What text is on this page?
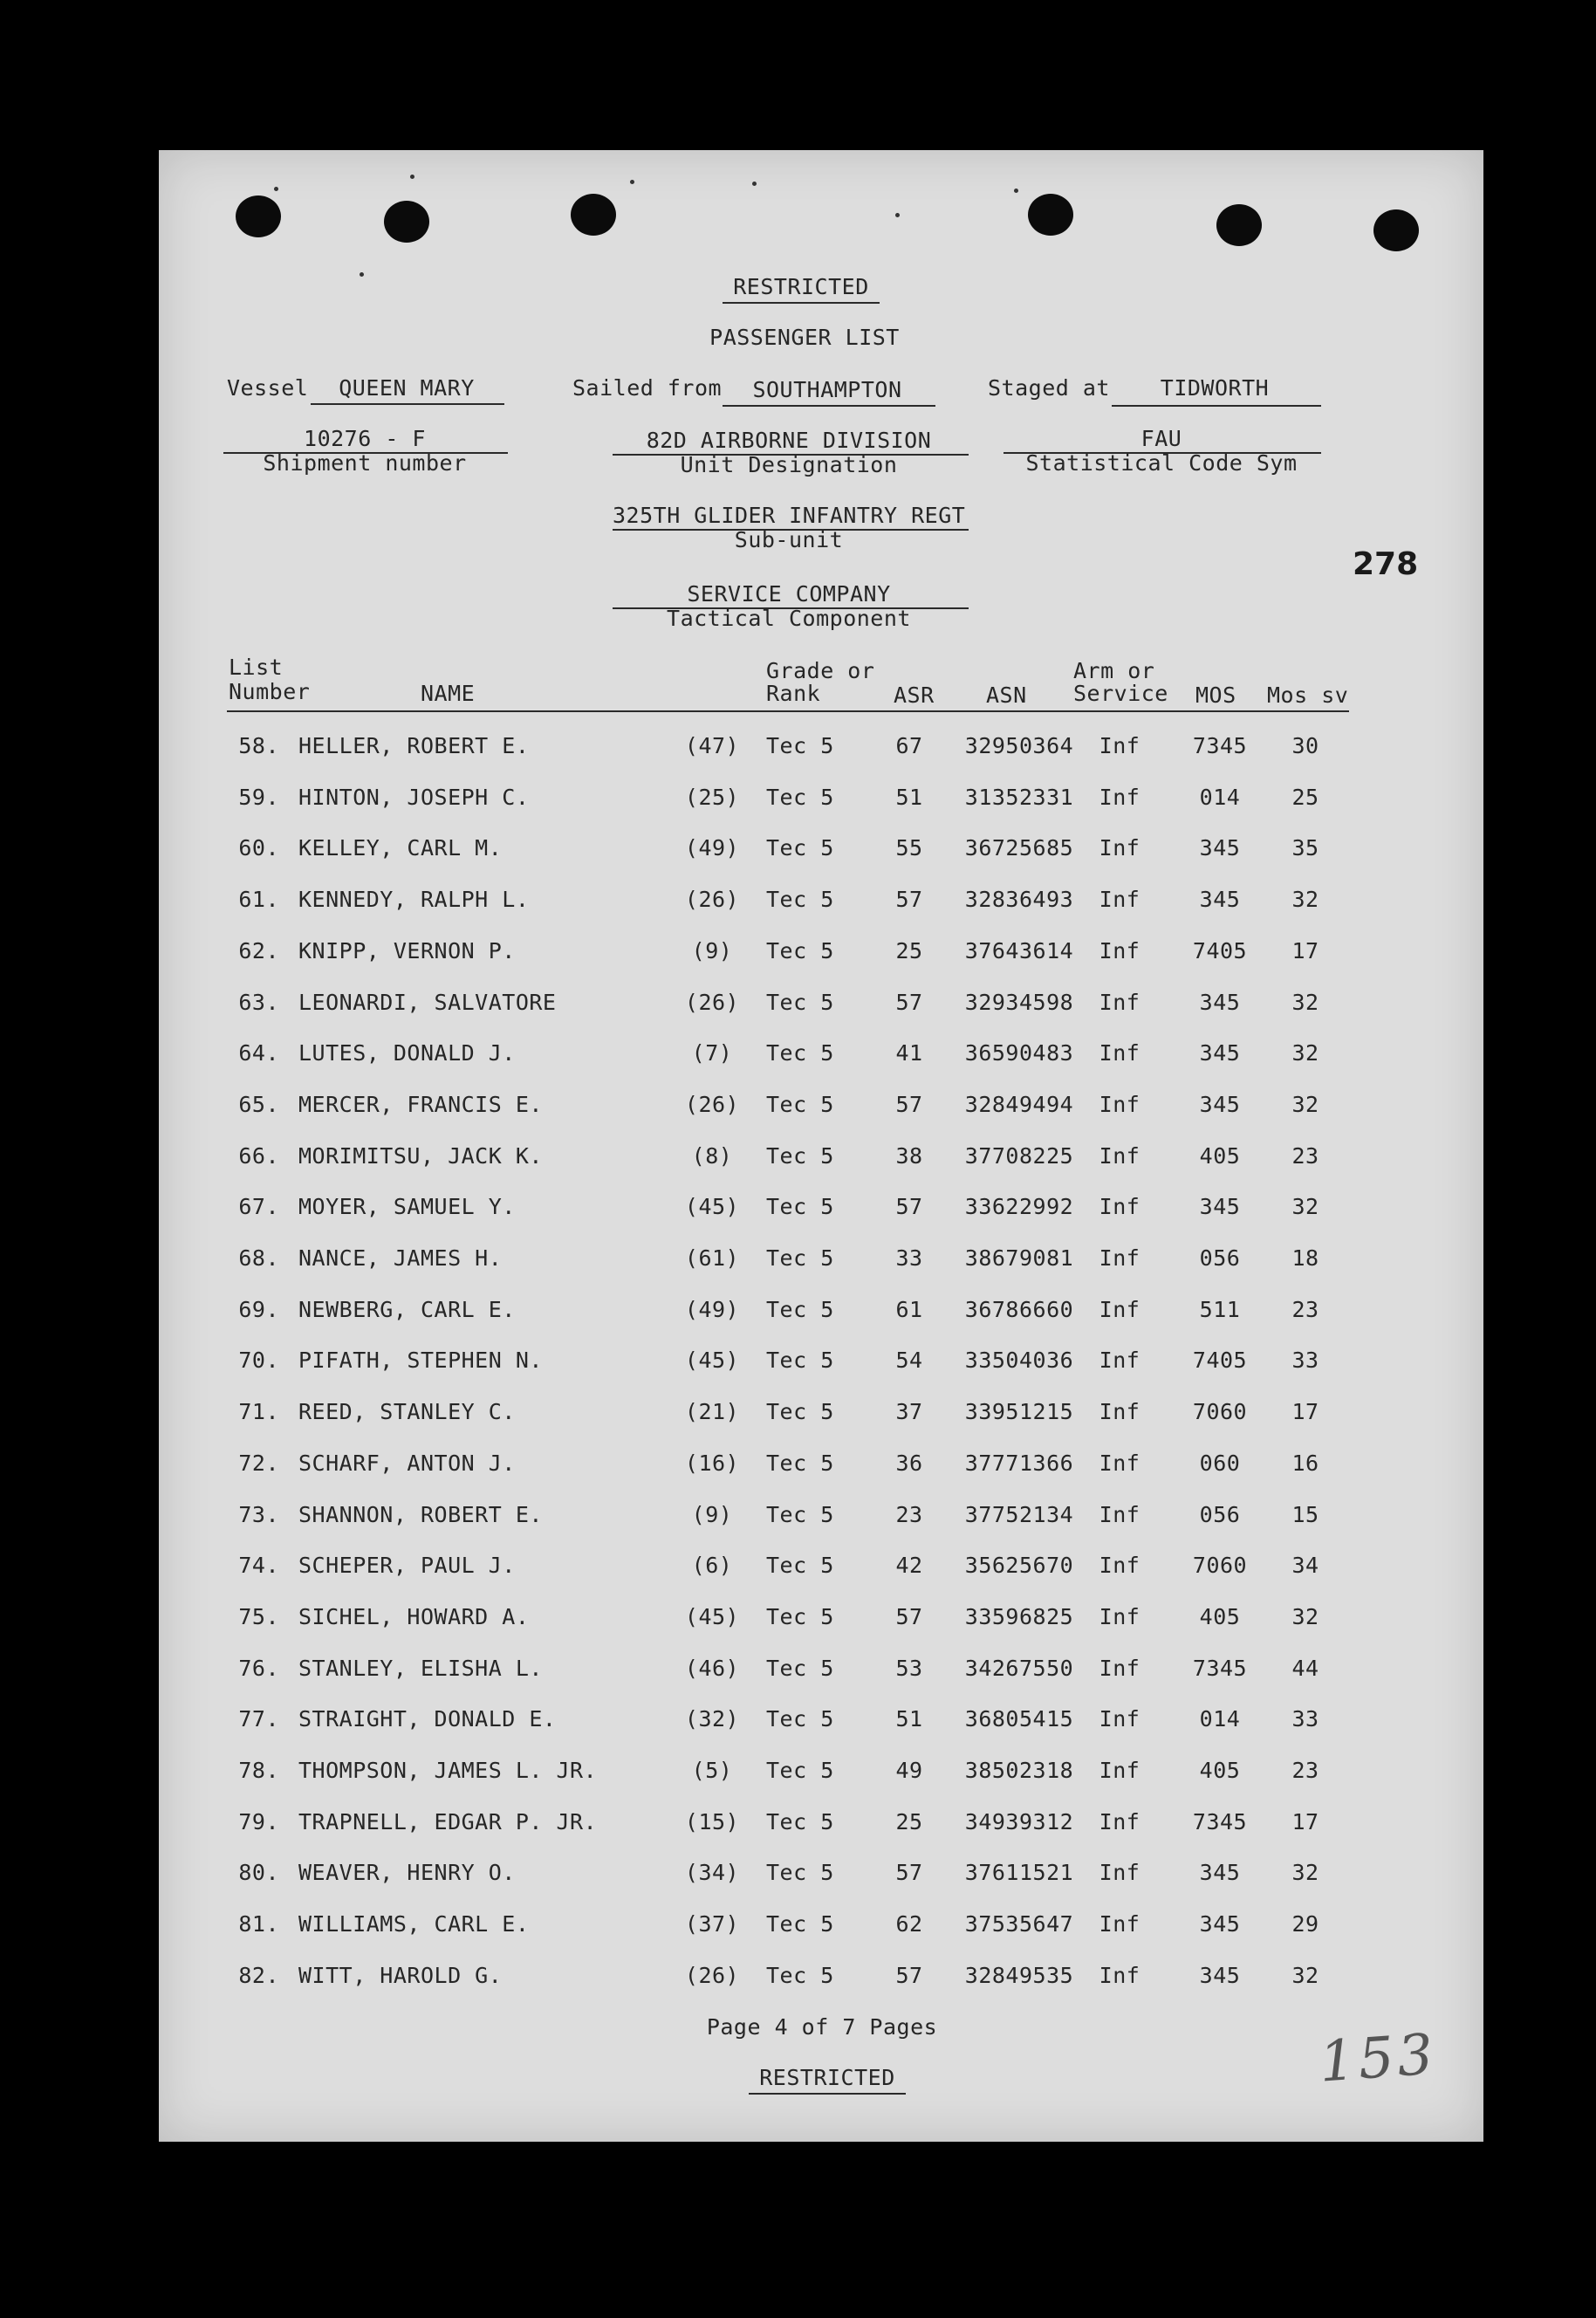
RESTRICTED
PASSENGER LIST
Vessel	QUEEN MARY	Sailed from	SOUTHAMPTON	Staged at	TIDWORTH
10276 - F
Shipment number
82D AIRBORNE DIVISION
Unit Designation
FAU
Statistical Code Sym
325TH GLIDER INFANTRY REGT
Sub-unit
278
SERVICE COMPANY
Tactical Component
List
Number	NAME
Grade or
Rank	ASR ASN
Arm or
Service MOS Mos sv
58. HELLER, ROBERT E.	(47) Tec 5	67	32950364	Inf	7345	30
59. HINTON, JOSEPH C.	(25) Tec 5	51	31352331	Inf	014	25
60. KELLEY, CARL M.	(49) Tec 5	55	36725685	Inf	345	35
61. KENNEDY, RALPH L.	(26) Tec 5	57	32836493	Inf	345	32
62. KNIPP, VERNON P.	(9)	Tec 5	25	37643614	Inf	7405	17
63. LEONARDI, SALVATORE	(26) Tec 5	57	32934598	Inf	345	32
64. LUTES, DONALD J.	(7)	Tec 5	41	36590483	Inf	345	32
65. MERCER, FRANCIS E.	(26) Tec 5	57	32849494	Inf	345	32
66. MORIMITSU, JACK K.	(8)	Tec 5	38	37708225	Inf	405	23
67. MOYER, SAMUEL Y.	(45) Tec 5	57	33622992	Inf	345	32
68. NANCE, JAMES H.	(61) Tec 5	33	38679081	Inf	056	18
69. NEWBERG, CARL E.	(49) Tec 5	61	36786660	Inf	511	23
70. PIFATH, STEPHEN N.	(45) Tec 5	54	33504036	Inf	7405	33
71. REED, STANLEY C.	(21) Tec 5	37	33951215	Inf	7060	17
72. SCHARF, ANTON J.	(16) Tec 5	36	37771366	Inf	060	16
73. SHANNON, ROBERT E.	(9)	Tec 5	23	37752134	Inf	056	15
74. SCHEPER, PAUL J.	(6)	Tec 5	42	35625670	Inf	7060	34
75. SICHEL, HOWARD A.	(45) Tec 5	57	33596825	Inf	405	32
76. STANLEY, ELISHA L.	(46) Tec 5	53	34267550	Inf	7345	44
77. STRAIGHT, DONALD E.	(32) Tec 5	51	36805415	Inf	014	33
78. THOMPSON, JAMES L. JR.	(5)	Tec 5	49	38502318	Inf	405	23
79. TRAPNELL, EDGAR P. JR.	(15) Tec 5	25	34939312	Inf	7345	17
80. WEAVER, HENRY O.	(34) Tec 5	57	37611521	Inf	345	32
81. WILLIAMS, CARL E.	(37) Tec 5	62	37535647	Inf	345	29
82. WITT, HAROLD G.	(26) Tec 5	57	32849535	Inf	345	32
Page 4 of 7 Pages
RESTRICTED	153
